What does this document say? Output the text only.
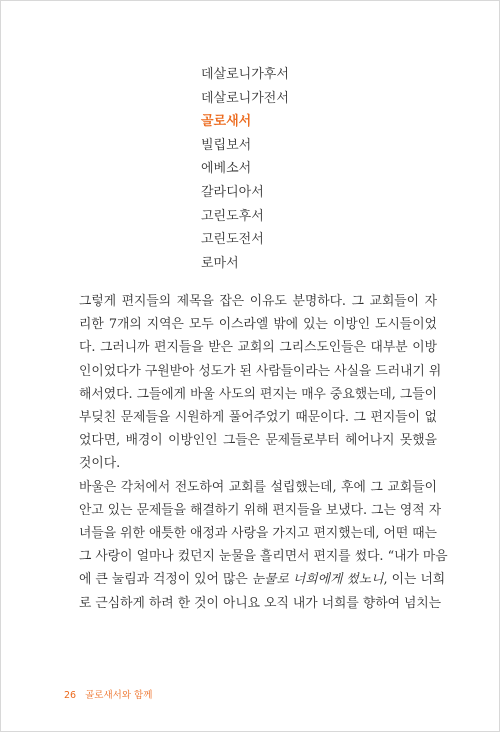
데살로니가후서
데살로니가전서
골로새서
빌립보서
에베소서
갈라디아서
고린도후서
고린도전서
로마서

그렇게 편지들의 제목을 잡은 이유도 분명하다. 그 교회들이 자
리한 7개의 지역은 모두 이스라엘 밖에 있는 이방인 도시들이었
다. 그러니까 편지들을 받은 교회의 그리스도인들은 대부분 이방
인이었다가 구원받아 성도가 된 사람들이라는 사실을 드러내기 위
해서였다. 그들에게 바울 사도의 편지는 매우 중요했는데, 그들이
부딪친 문제들을 시원하게 풀어주었기 때문이다. 그 편지들이 없
었다면, 배경이 이방인인 그들은 문제들로부터 헤어나지 못했을
것이다.

바울은 각처에서 전도하여 교회를 설립했는데, 후에 그 교회들이
안고 있는 문제들을 해결하기 위해 편지들을 보냈다. 그는 영적 자
녀들을 위한 애틋한 애정과 사랑을 가지고 편지했는데, 어떤 때는
그 사랑이 얼마나 컸던지 눈물을 흘리면서 편지를 썼다. “내가 마음
에 큰 눌림과 걱정이 있어 많은 눈물로 너희에게 썼노니, 이는 너희
로 근심하게 하려 한 것이 아니요 오직 내가 너희를 향하여 넘치는

26 골로새서와 함께
